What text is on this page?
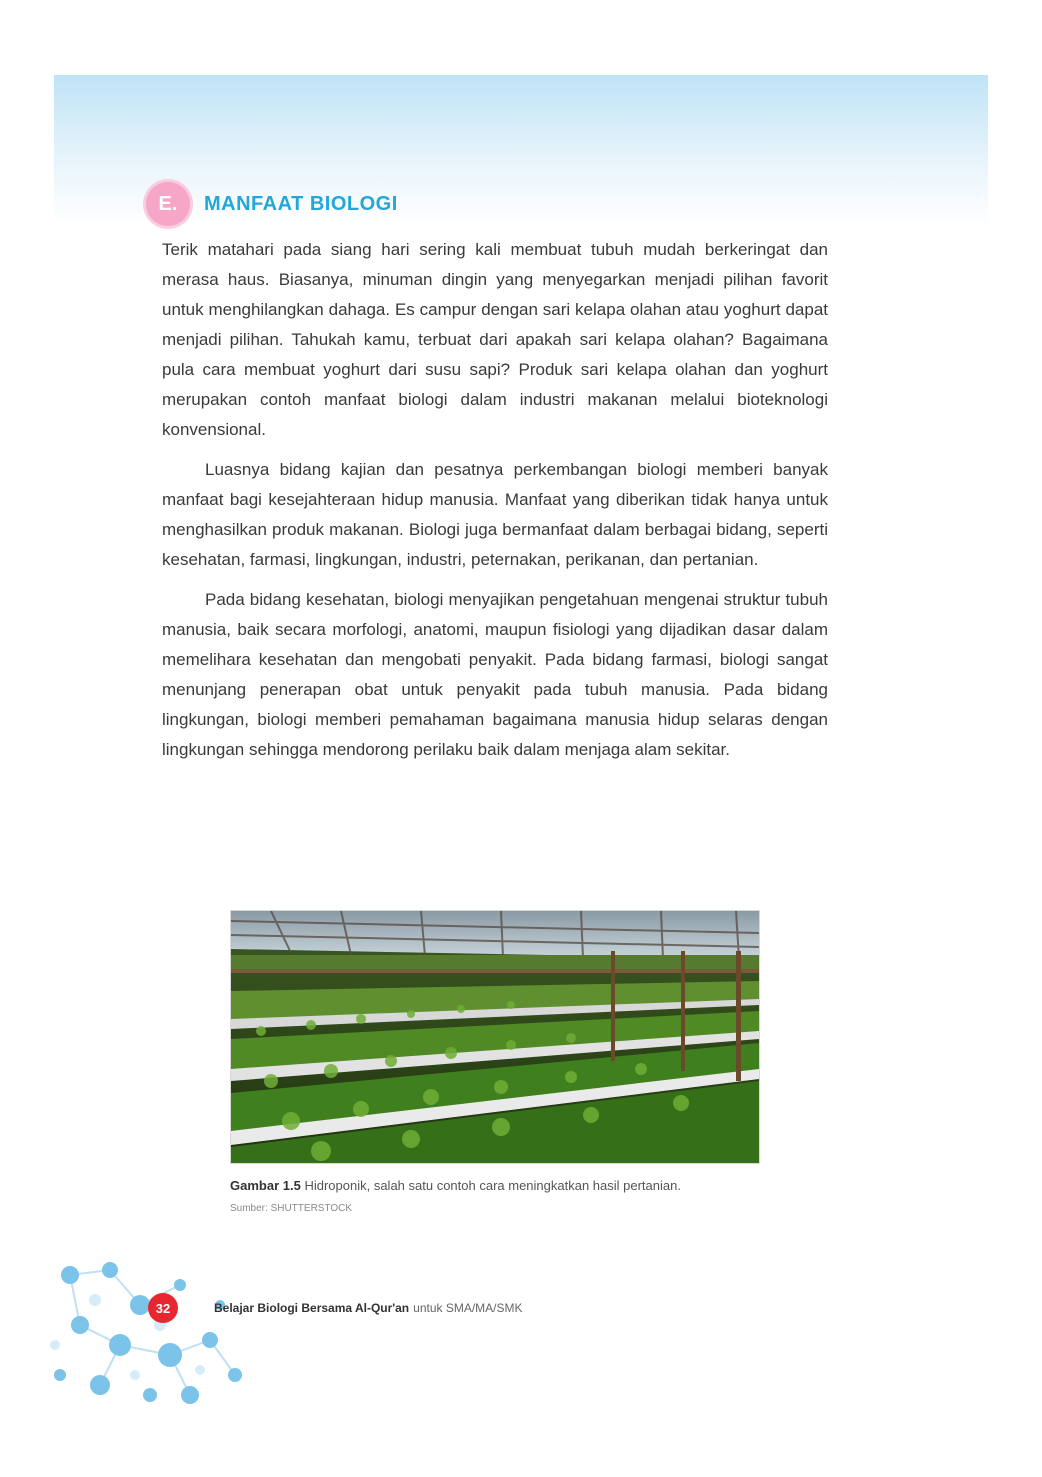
E.	MANFAAT BIOLOGI

Terik matahari pada siang hari sering kali membuat tubuh mudah berkeringat dan merasa haus. Biasanya, minuman dingin yang menyegarkan menjadi pilihan favorit untuk menghilangkan dahaga. Es campur dengan sari kelapa olahan atau yoghurt dapat menjadi pilihan. Tahukah kamu, terbuat dari apakah sari kelapa olahan? Bagaimana pula cara membuat yoghurt dari susu sapi? Produk sari kelapa olahan dan yoghurt merupakan contoh manfaat biologi dalam industri makanan melalui bioteknologi konvensional.

Luasnya bidang kajian dan pesatnya perkembangan biologi memberi banyak manfaat bagi kesejahteraan hidup manusia. Manfaat yang diberikan tidak hanya untuk menghasilkan produk makanan. Biologi juga bermanfaat dalam berbagai bidang, seperti kesehatan, farmasi, lingkungan, industri, peternakan, perikanan, dan pertanian.

Pada bidang kesehatan, biologi menyajikan pengetahuan mengenai struktur tubuh manusia, baik secara morfologi, anatomi, maupun fisiologi yang dijadikan dasar dalam memelihara kesehatan dan mengobati penyakit. Pada bidang farmasi, biologi sangat menunjang penerapan obat untuk penyakit pada tubuh manusia. Pada bidang lingkungan, biologi memberi pemahaman bagaimana manusia hidup selaras dengan lingkungan sehingga mendorong perilaku baik dalam menjaga alam sekitar.

Gambar 1.5 Hidroponik, salah satu contoh cara meningkatkan hasil pertanian.
Sumber: SHUTTERSTOCK
32	Belajar Biologi Bersama Al-Qur'an untuk SMA/MA/SMK
